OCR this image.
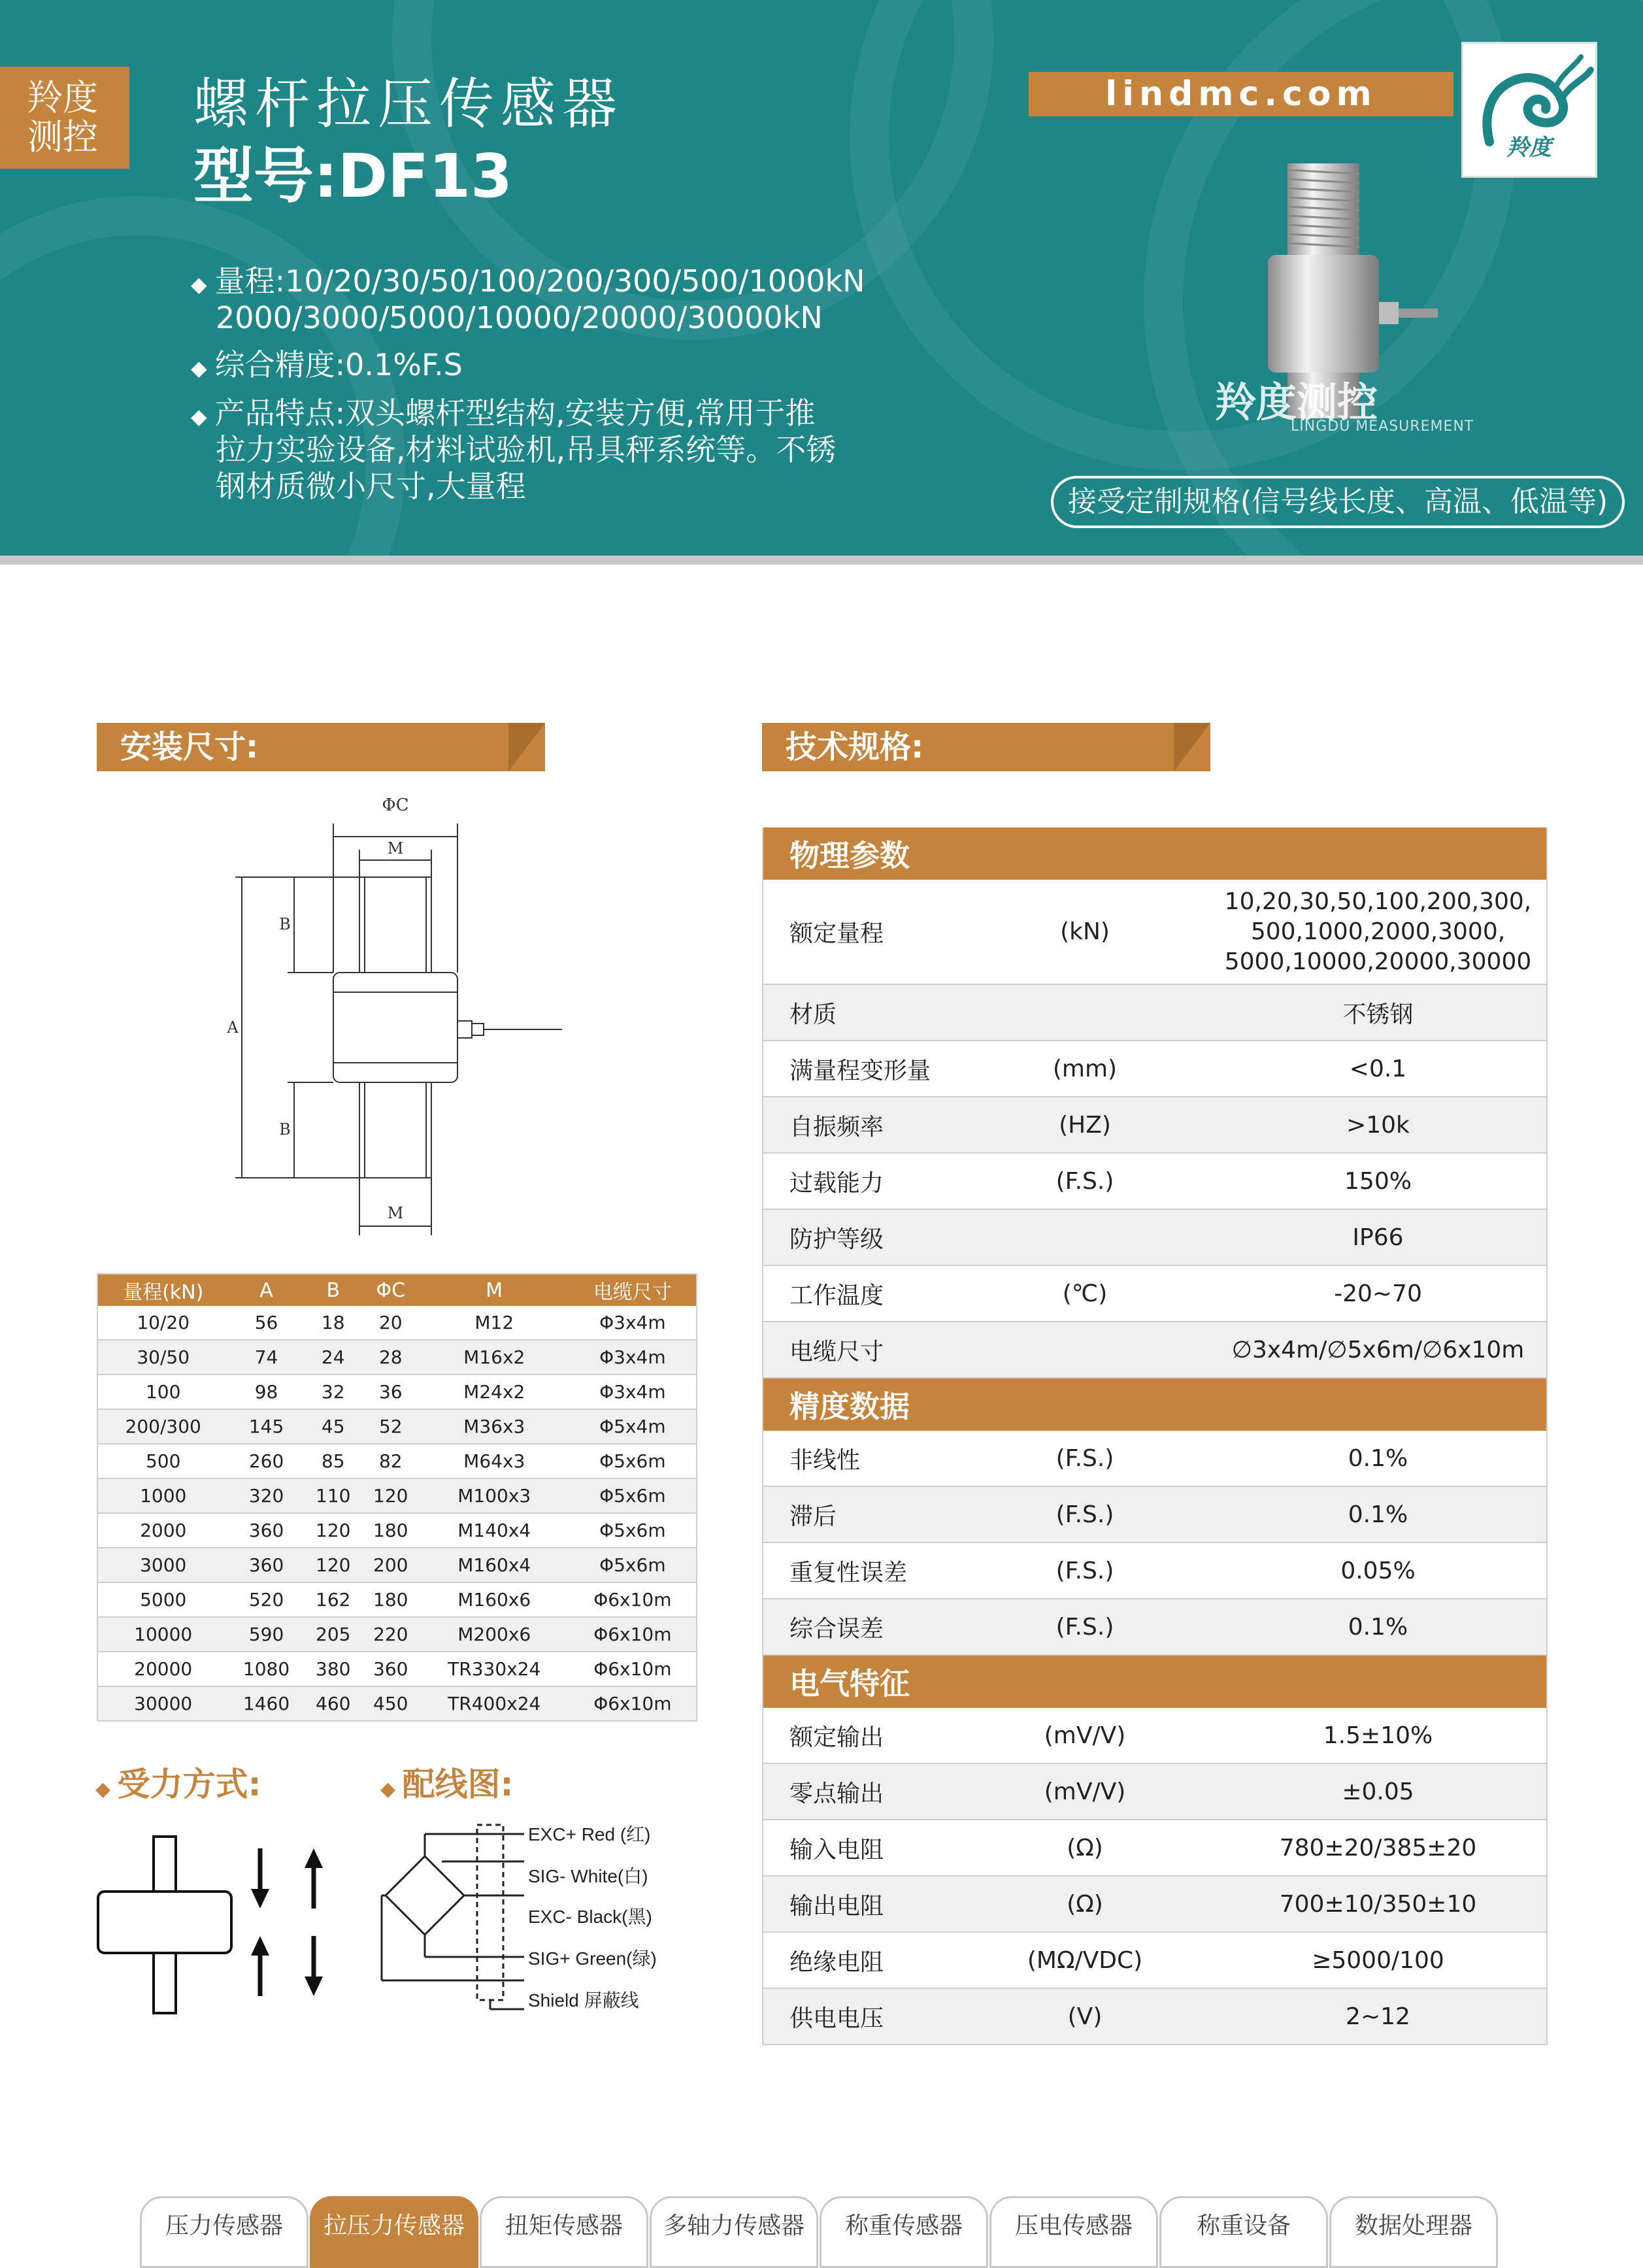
羚度
测控
螺杆拉压传感器
型号:DF13
lindmc.com
羚度
羚度测控
LINGDU MEASUREMENT
◆ 量程:10/20/30/50/100/200/300/500/1000kN
2000/3000/5000/10000/20000/30000kN
◆ 综合精度:0.1%F.S
◆ 产品特点:双头螺杆型结构,安装方便,常用于推
拉力实验设备,材料试验机,吊具秤系统等。不锈
钢材质微小尺寸,大量程	接受定制规格(信号线长度、高温、低温等)
安装尺寸:
ΦC
M
M
A
B
B
量程(kN)	A	B	ΦC	M	电缆尺寸
10/20	56	18	20	M12	Φ3x4m
30/50	74	24	28	M16x2	Φ3x4m
100	98	32	36	M24x2	Φ3x4m
200/300	145	45	52	M36x3	Φ5x4m
500	260	85	82	M64x3	Φ5x6m
1000	320	110	120	M100x3	Φ5x6m
2000	360	120	180	M140x4	Φ5x6m
3000	360	120	200	M160x4	Φ5x6m
5000	520	162	180	M160x6	Φ6x10m
10000	590	205	220	M200x6	Φ6x10m
20000	1080	380	360	TR330x24	Φ6x10m
30000	1460	460	450	TR400x24	Φ6x10m
◆ 受力方式:	◆ 配线图:
EXC+ Red (红)
SIG- White(白)
EXC- Black(黑)
SIG+ Green(绿)
Shield 屏蔽线
技术规格:
物理参数		
额定量程	(kN)	10,20,30,50,100,200,300,
500,1000,2000,3000,
5000,10000,20000,30000
材质		不锈钢
满量程变形量	(mm)	<0.1
自振频率	(HZ)	>10k
过载能力	(F.S.)	150%
防护等级		IP66
工作温度	(℃)	-20~70
电缆尺寸		∅3x4m/∅5x6m/∅6x10m
精度数据		
非线性	(F.S.)	0.1%
滞后	(F.S.)	0.1%
重复性误差	(F.S.)	0.05%
综合误差	(F.S.)	0.1%
电气特征		
额定输出	(mV/V)	1.5±10%
零点输出	(mV/V)	±0.05
输入电阻	(Ω)	780±20/385±20
输出电阻	(Ω)	700±10/350±10
绝缘电阻	(MΩ/VDC)	≥5000/100
供电电压	(V)	2~12
压力传感器	拉压力传感器	扭矩传感器	多轴力传感器	称重传感器	压电传感器	称重设备	数据处理器
